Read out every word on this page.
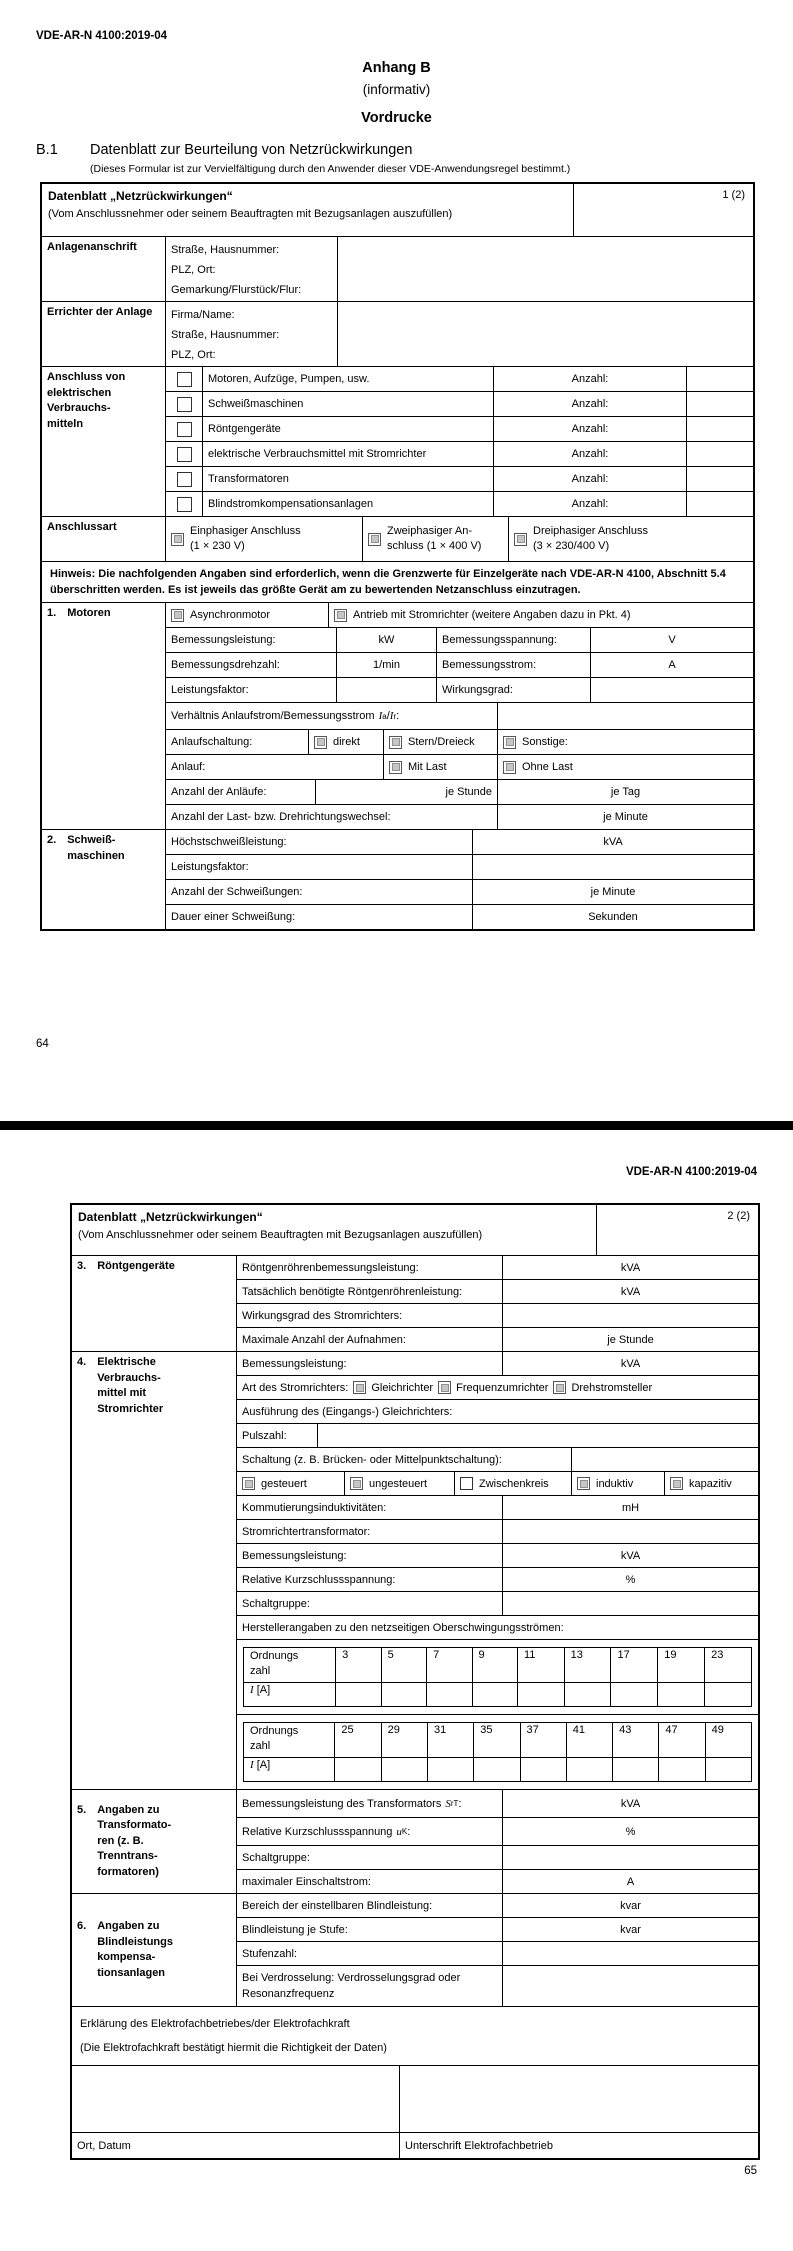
VDE-AR-N 4100:2019-04
Anhang B
(informativ)
Vordrucke
B.1	Datenblatt zur Beurteilung von Netzrückwirkungen
(Dieses Formular ist zur Vervielfältigung durch den Anwender dieser VDE-Anwendungsregel bestimmt.)
Datenblatt „Netzrückwirkungen“
(Vom Anschlussnehmer oder seinem Beauftragten mit Bezugsanlagen auszufüllen)
1 (2)
Anlagenanschrift	Straße, Hausnummer:
PLZ, Ort:
Gemarkung/Flurstück/Flur:
Errichter der Anlage	Firma/Name:
Straße, Hausnummer:
PLZ, Ort:
Anschluss von
elektrischen
Verbrauchs-
mitteln
Motoren, Aufzüge, Pumpen, usw.	Anzahl:
Schweißmaschinen	Anzahl:
Röntgengeräte	Anzahl:
elektrische Verbrauchsmittel mit Stromrichter	Anzahl:
Transformatoren	Anzahl:
Blindstromkompensationsanlagen	Anzahl:
Anschlussart	Einphasiger Anschluss
(1 × 230 V)
Zweiphasiger An-
schluss (1 × 400 V)
Dreiphasiger Anschluss
(3 × 230/400 V)
Hinweis: Die nachfolgenden Angaben sind erforderlich, wenn die Grenzwerte für Einzelgeräte nach VDE-AR-N 4100, Abschnitt 5.4 überschritten werden. Es ist jeweils das größte Gerät am zu bewertenden Netzanschluss einzutragen.
1. Motoren	Asynchronmotor	Antrieb mit Stromrichter (weitere Angaben dazu in Pkt. 4)
Bemessungsleistung:	kW	Bemessungsspannung:	V
Bemessungsdrehzahl:	1/min	Bemessungsstrom:	A
Leistungsfaktor:	Wirkungsgrad:
Verhältnis Anlaufstrom/Bemessungsstrom I a / I r :
Anlaufschaltung:	direkt	Stern/Dreieck	Sonstige:
Anlauf:	Mit Last	Ohne Last
Anzahl der Anläufe:	je Stunde	je Tag
Anzahl der Last- bzw. Drehrichtungswechsel:	je Minute
2. Schweiß-
maschinen
Höchstschweißleistung:	kVA
Leistungsfaktor:
Anzahl der Schweißungen:	je Minute
Dauer einer Schweißung:	Sekunden
64
VDE-AR-N 4100:2019-04
Datenblatt „Netzrückwirkungen“
(Vom Anschlussnehmer oder seinem Beauftragten mit Bezugsanlagen auszufüllen)
2 (2)
3. Röntgengeräte	Röntgenröhrenbemessungsleistung:	kVA
Tatsächlich benötigte Röntgenröhrenleistung:	kVA
Wirkungsgrad des Stromrichters:
Maximale Anzahl der Aufnahmen:	je Stunde
4. Elektrische
Verbrauchs-
mittel mit
Stromrichter
Bemessungsleistung:	kVA
Art des Stromrichters: Gleichrichter Frequenzumrichter Drehstromsteller
Ausführung des (Eingangs-) Gleichrichters:
Pulszahl:
Schaltung (z. B. Brücken- oder Mittelpunktschaltung):
gesteuert	ungesteuert	Zwischenkreis	induktiv	kapazitiv
Kommutierungsinduktivitäten:	mH
Stromrichtertransformator:
Bemessungsleistung:	kVA
Relative Kurzschlussspannung:	%
Schaltgruppe:
Herstellerangaben zu den netzseitigen Oberschwingungsströmen:
Ordnungs
zahl	3	5	7	9	11	13	17	19	23
I [A]									
Ordnungs
zahl	25	29	31	35	37	41	43	47	49
I [A]									
5. Angaben zu
Transformato-
ren (z. B.
Trenntrans-
formatoren)
Bemessungsleistung des Transformators S rT :	kVA
Relative Kurzschlussspannung u K :	%
Schaltgruppe:
maximaler Einschaltstrom:	A
6. Angaben zu
Blindleistungs
kompensa-
tionsanlagen
Bereich der einstellbaren Blindleistung:	kvar
Blindleistung je Stufe:	kvar
Stufenzahl:
Bei Verdrosselung: Verdrosselungsgrad oder Resonanzfrequenz
Erklärung des Elektrofachbetriebes/der Elektrofachkraft
(Die Elektrofachkraft bestätigt hiermit die Richtigkeit der Daten)
Ort, Datum	Unterschrift Elektrofachbetrieb
65
